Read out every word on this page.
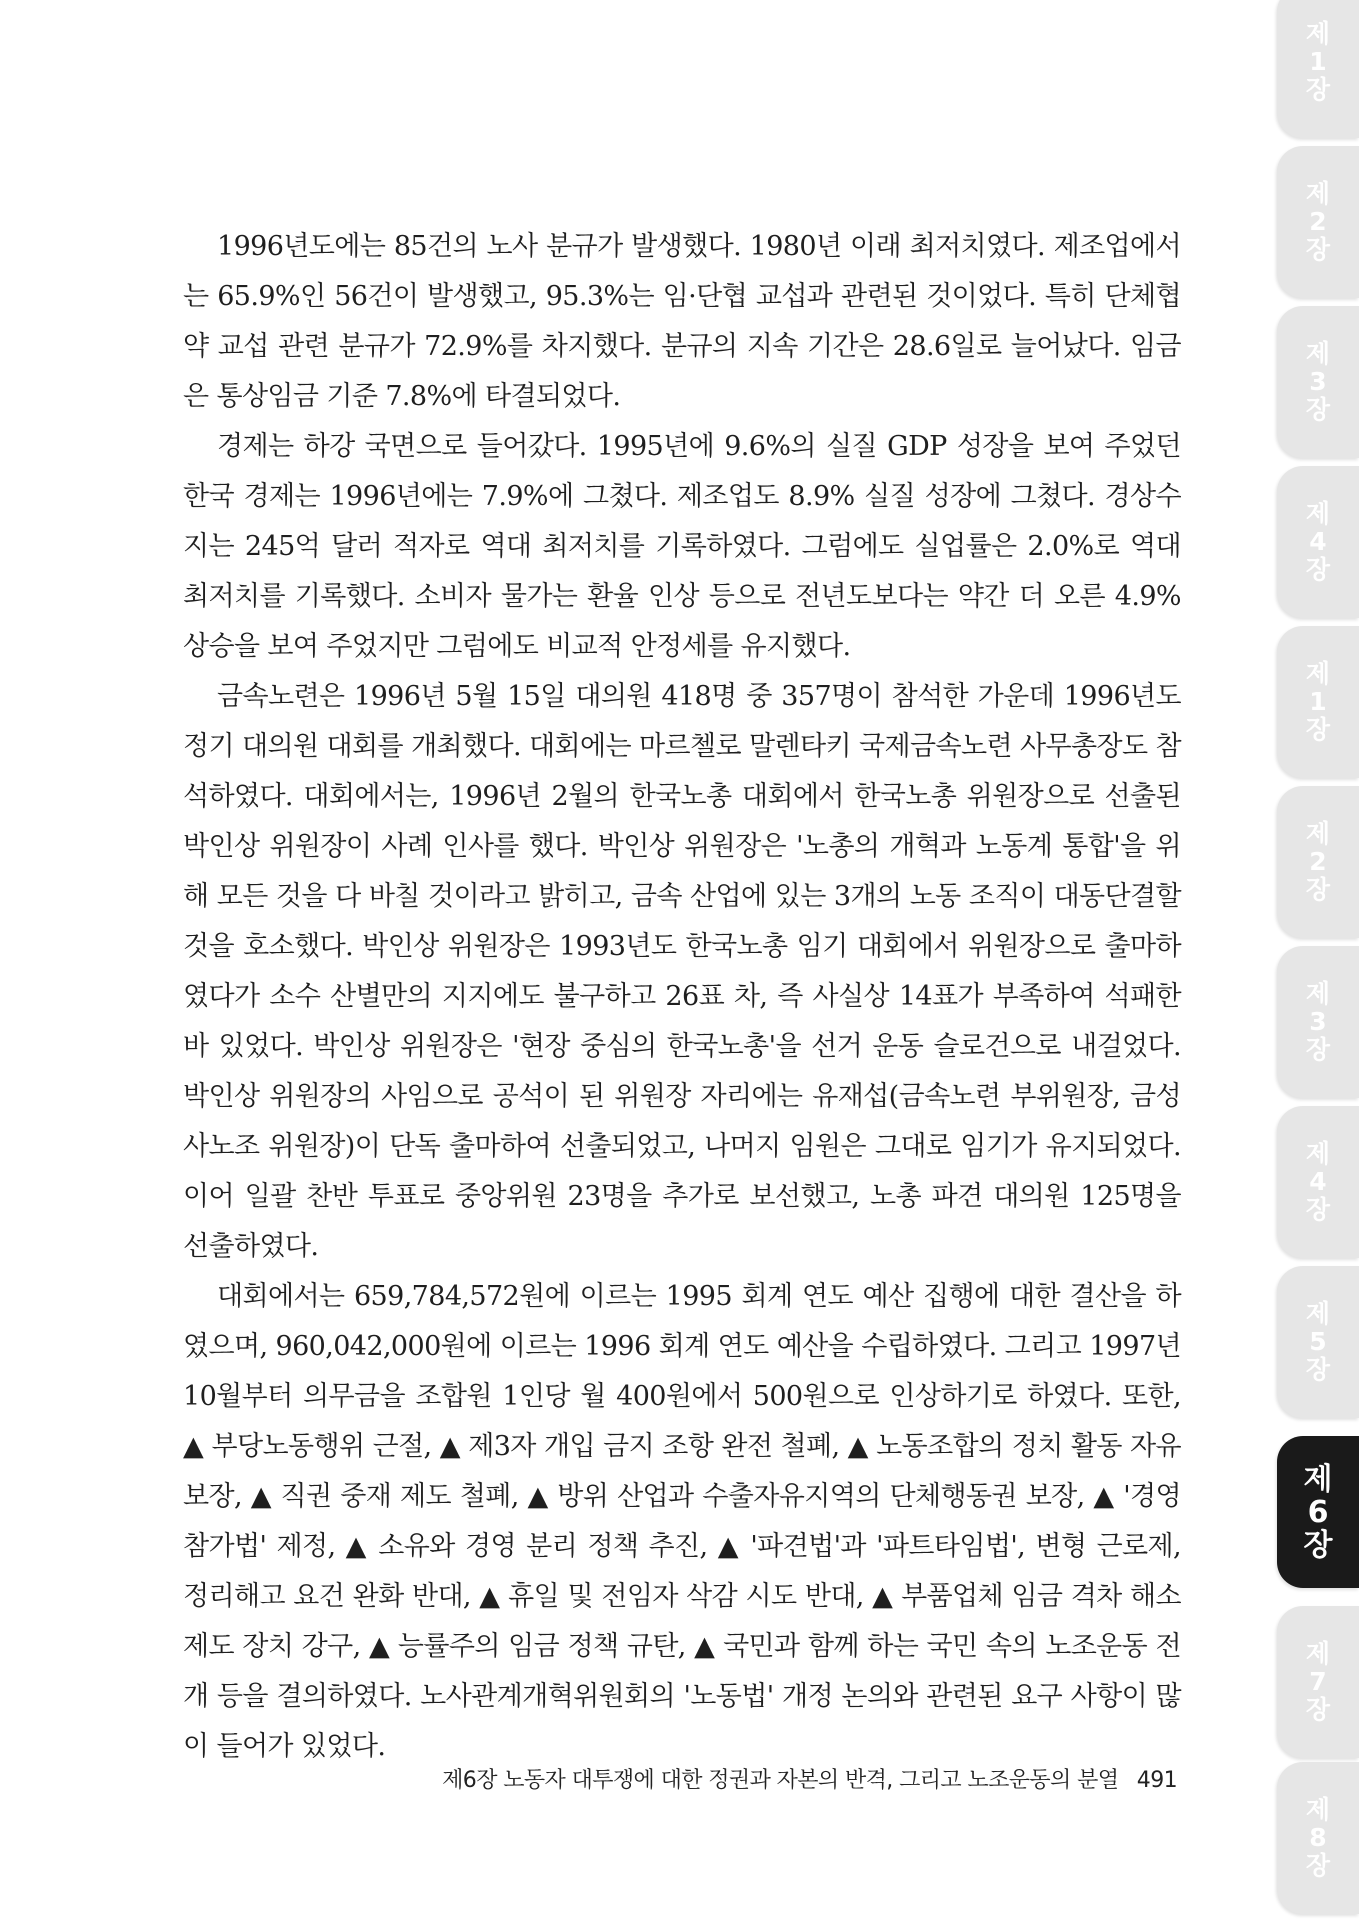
1996년도에는 85건의 노사 분규가 발생했다. 1980년 이래 최저치였다. 제조업에서는 65.9%인 56건이 발생했고, 95.3%는 임·단협 교섭과 관련된 것이었다. 특히 단체협약 교섭 관련 분규가 72.9%를 차지했다. 분규의 지속 기간은 28.6일로 늘어났다. 임금은 통상임금 기준 7.8%에 타결되었다.

경제는 하강 국면으로 들어갔다. 1995년에 9.6%의 실질 GDP 성장을 보여 주었던 한국 경제는 1996년에는 7.9%에 그쳤다. 제조업도 8.9% 실질 성장에 그쳤다. 경상수지는 245억 달러 적자로 역대 최저치를 기록하였다. 그럼에도 실업률은 2.0%로 역대 최저치를 기록했다. 소비자 물가는 환율 인상 등으로 전년도보다는 약간 더 오른 4.9% 상승을 보여 주었지만 그럼에도 비교적 안정세를 유지했다.

금속노련은 1996년 5월 15일 대의원 418명 중 357명이 참석한 가운데 1996년도 정기 대의원 대회를 개최했다. 대회에는 마르첼로 말렌타키 국제금속노련 사무총장도 참석하였다. 대회에서는, 1996년 2월의 한국노총 대회에서 한국노총 위원장으로 선출된 박인상 위원장이 사례 인사를 했다. 박인상 위원장은 '노총의 개혁과 노동계 통합'을 위해 모든 것을 다 바칠 것이라고 밝히고, 금속 산업에 있는 3개의 노동 조직이 대동단결할 것을 호소했다. 박인상 위원장은 1993년도 한국노총 임기 대회에서 위원장으로 출마하였다가 소수 산별만의 지지에도 불구하고 26표 차, 즉 사실상 14표가 부족하여 석패한 바 있었다. 박인상 위원장은 '현장 중심의 한국노총'을 선거 운동 슬로건으로 내걸었다. 박인상 위원장의 사임으로 공석이 된 위원장 자리에는 유재섭(금속노련 부위원장, 금성사노조 위원장)이 단독 출마하여 선출되었고, 나머지 임원은 그대로 임기가 유지되었다. 이어 일괄 찬반 투표로 중앙위원 23명을 추가로 보선했고, 노총 파견 대의원 125명을 선출하였다.

대회에서는 659,784,572원에 이르는 1995 회계 연도 예산 집행에 대한 결산을 하였으며, 960,042,000원에 이르는 1996 회계 연도 예산을 수립하였다. 그리고 1997년 10월부터 의무금을 조합원 1인당 월 400원에서 500원으로 인상하기로 하였다. 또한, ▲ 부당노동행위 근절, ▲ 제3자 개입 금지 조항 완전 철폐, ▲ 노동조합의 정치 활동 자유 보장, ▲ 직권 중재 제도 철폐, ▲ 방위 산업과 수출자유지역의 단체행동권 보장, ▲ '경영참가법' 제정, ▲ 소유와 경영 분리 정책 추진, ▲ '파견법'과 '파트타임법', 변형 근로제, 정리해고 요건 완화 반대, ▲ 휴일 및 전임자 삭감 시도 반대, ▲ 부품업체 임금 격차 해소 제도 장치 강구, ▲ 능률주의 임금 정책 규탄, ▲ 국민과 함께 하는 국민 속의 노조운동 전개 등을 결의하였다. 노사관계개혁위원회의 '노동법' 개정 논의와 관련된 요구 사항이 많이 들어가 있었다.

제6장 노동자 대투쟁에 대한 정권과 자본의 반격, 그리고 노조운동의 분열 491
제
1
장
제
2
장
제
3
장
제
4
장
제
1
장
제
2
장
제
3
장
제
4
장
제
5
장
제
6
장
제
7
장
제
8
장
